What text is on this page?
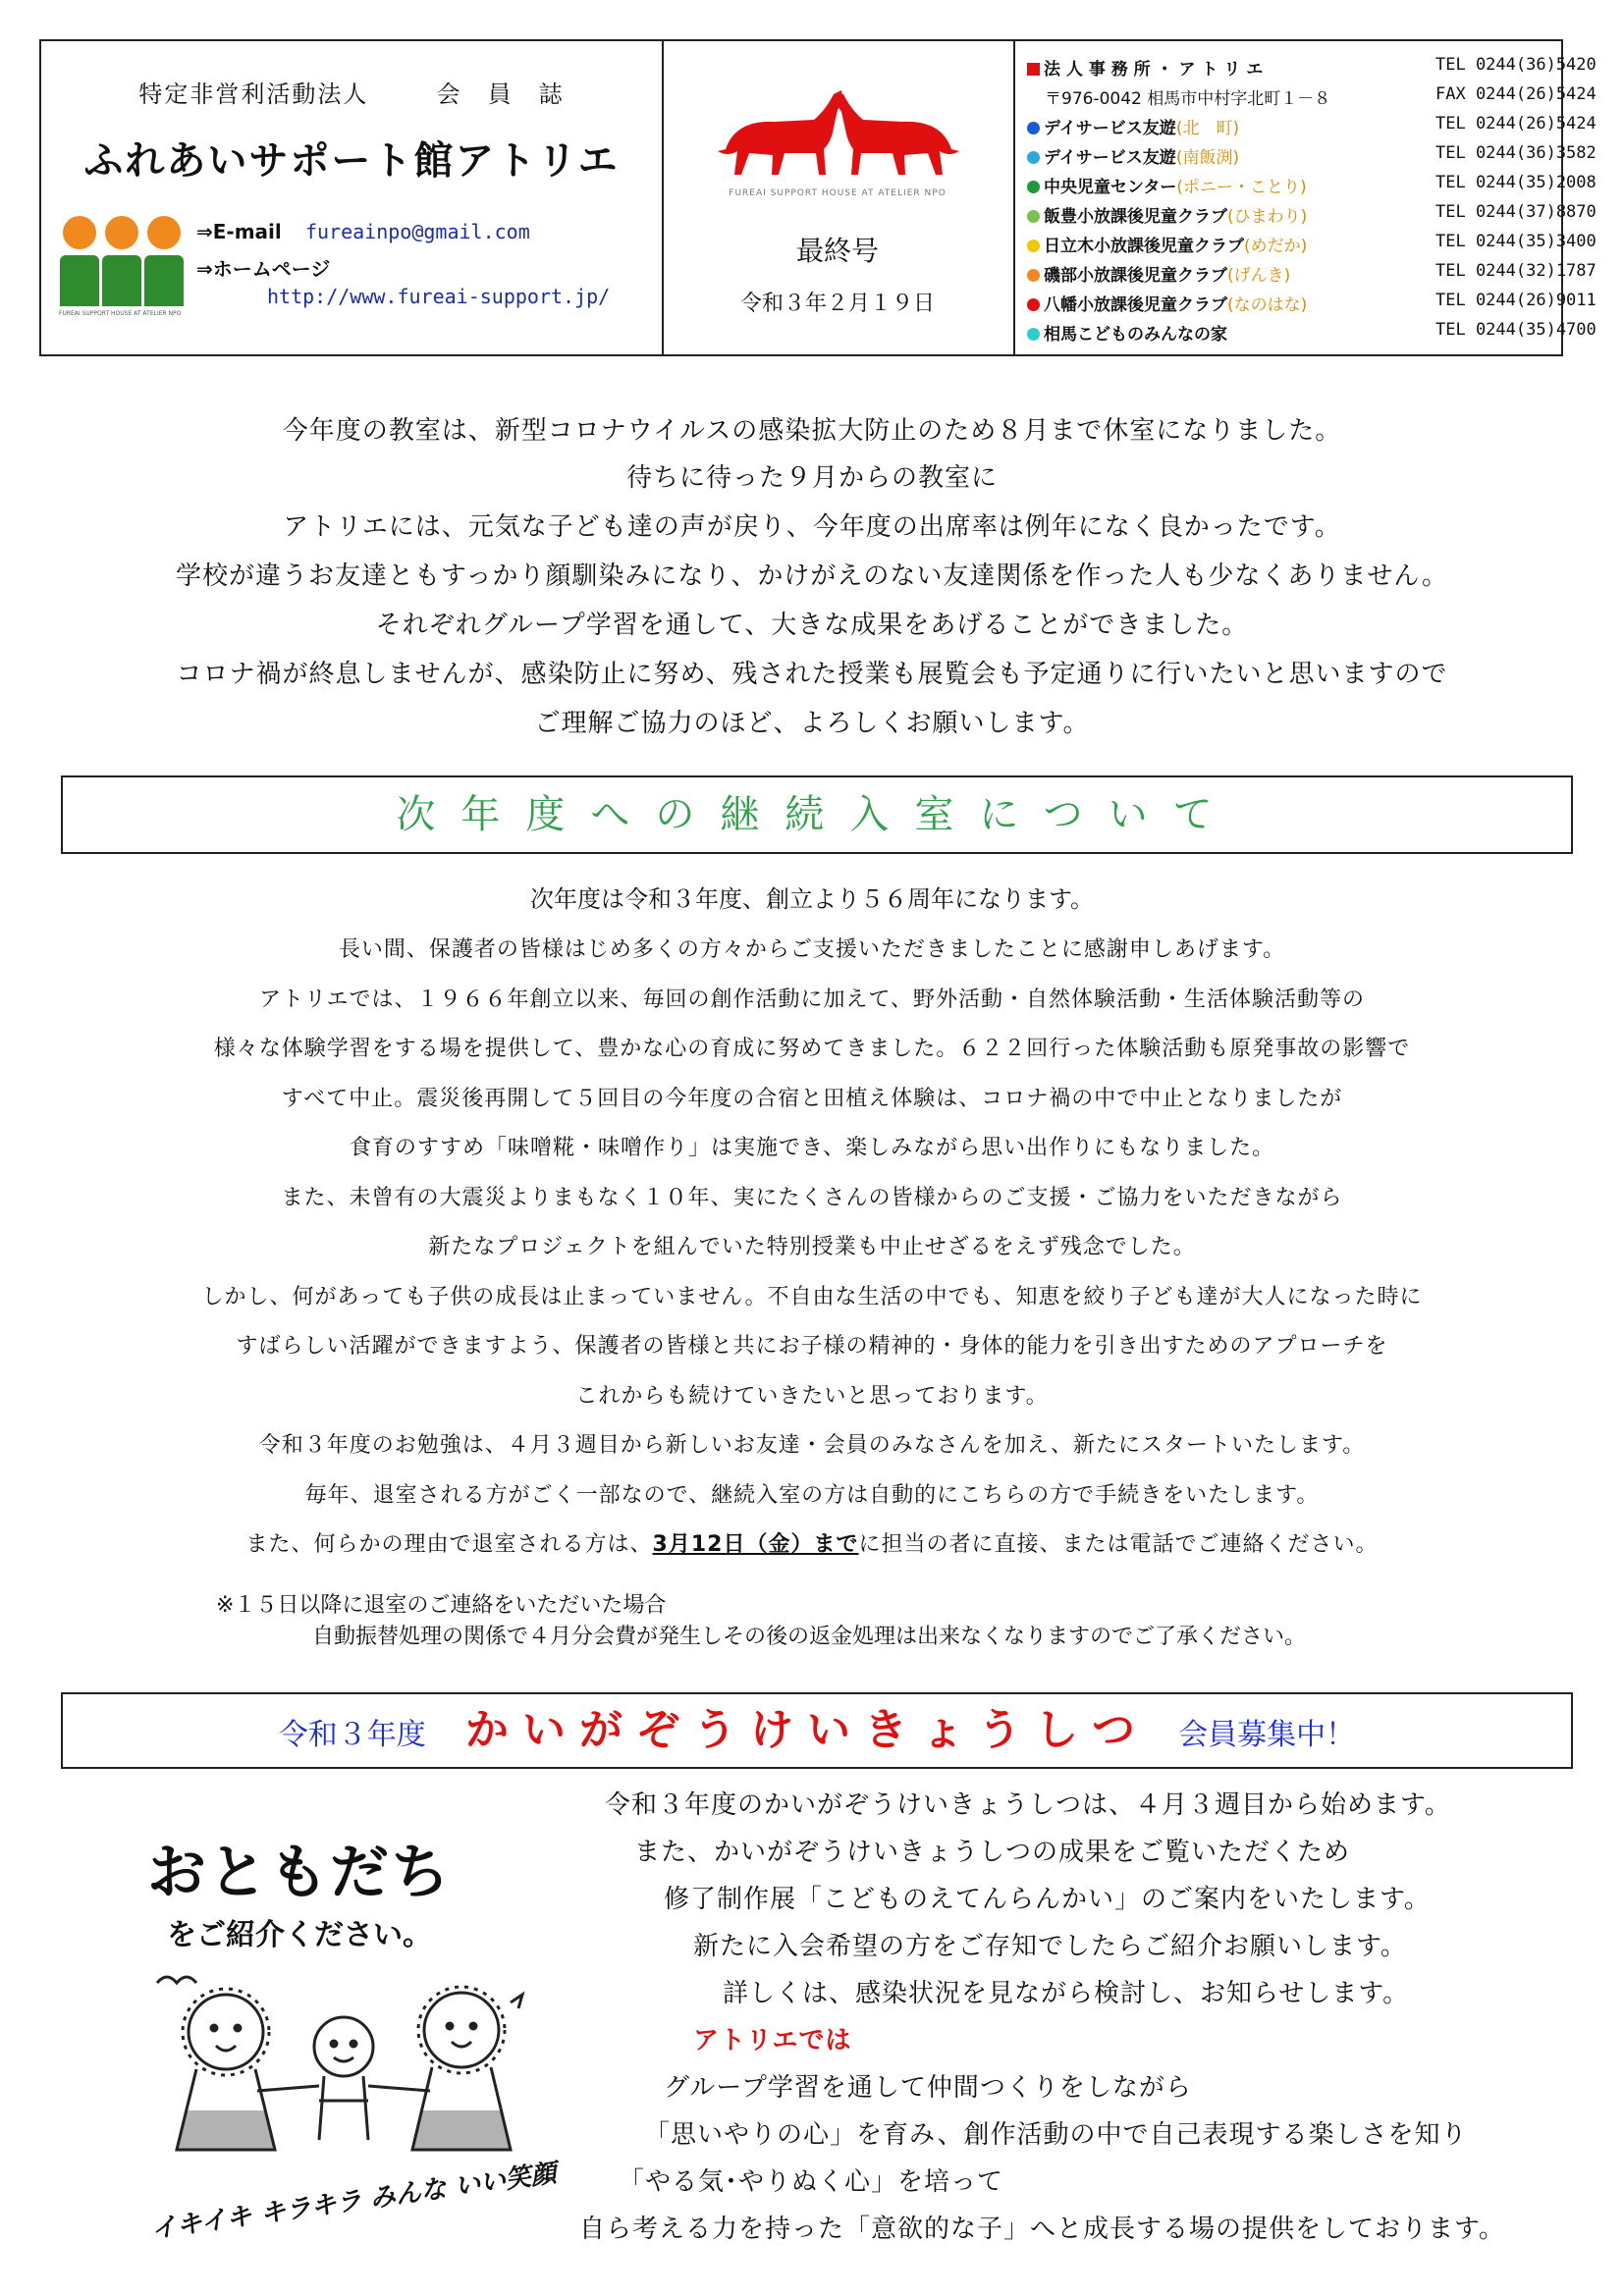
特定非営利活動法人	会　員　誌
ふれあいサポート館アトリエ
FUREAI SUPPORT HOUSE AT ATELIER NPO
⇒E-mail fureainpo@gmail.com
⇒ホームページ
http://www.fureai-support.jp/
FUREAI SUPPORT HOUSE AT ATELIER NPO
最終号
令和３年２月１９日
法 人 事 務 所 ・ ア ト リ エ	TEL 0244(36)5420
〒976-0042 相馬市中村字北町１－８	FAX 0244(26)5424
デイサービス友遊(北　町)	TEL 0244(26)5424
デイサービス友遊(南飯渕)	TEL 0244(36)3582
中央児童センター(ポニー・ことり)	TEL 0244(35)2008
飯豊小放課後児童クラブ(ひまわり)	TEL 0244(37)8870
日立木小放課後児童クラブ(めだか)	TEL 0244(35)3400
磯部小放課後児童クラブ(げんき)	TEL 0244(32)1787
八幡小放課後児童クラブ(なのはな)	TEL 0244(26)9011
相馬こどものみんなの家	TEL 0244(35)4700
今年度の教室は、新型コロナウイルスの感染拡大防止のため８月まで休室になりました。
待ちに待った９月からの教室に
アトリエには、元気な子ども達の声が戻り、今年度の出席率は例年になく良かったです。
学校が違うお友達ともすっかり顔馴染みになり、かけがえのない友達関係を作った人も少なくありません。
それぞれグループ学習を通して、大きな成果をあげることができました。
コロナ禍が終息しませんが、感染防止に努め、残された授業も展覧会も予定通りに行いたいと思いますので
ご理解ご協力のほど、よろしくお願いします。
次年度への継続入室について
次年度は令和３年度、創立より５６周年になります。
長い間、保護者の皆様はじめ多くの方々からご支援いただきましたことに感謝申しあげます。
アトリエでは、１９６６年創立以来、毎回の創作活動に加えて、野外活動・自然体験活動・生活体験活動等の
様々な体験学習をする場を提供して、豊かな心の育成に努めてきました。６２２回行った体験活動も原発事故の影響で
すべて中止。震災後再開して５回目の今年度の合宿と田植え体験は、コロナ禍の中で中止となりましたが
食育のすすめ「味噌糀・味噌作り」は実施でき、楽しみながら思い出作りにもなりました。
また、未曾有の大震災よりまもなく１０年、実にたくさんの皆様からのご支援・ご協力をいただきながら
新たなプロジェクトを組んでいた特別授業も中止せざるをえず残念でした。
しかし、何があっても子供の成長は止まっていません。不自由な生活の中でも、知恵を絞り子ども達が大人になった時に
すばらしい活躍ができますよう、保護者の皆様と共にお子様の精神的・身体的能力を引き出すためのアプローチを
これからも続けていきたいと思っております。
令和３年度のお勉強は、４月３週目から新しいお友達・会員のみなさんを加え、新たにスタートいたします。
毎年、退室される方がごく一部なので、継続入室の方は自動的にこちらの方で手続きをいたします。
また、何らかの理由で退室される方は、3月12日（金）までに担当の者に直接、または電話でご連絡ください。
※１５日以降に退室のご連絡をいただいた場合
自動振替処理の関係で４月分会費が発生しその後の返金処理は出来なくなりますのでご了承ください。
令和３年度 かいがぞうけいきょうしつ 会員募集中！
おともだち
をご紹介ください。
イキイキ キラキラ みんな いい笑顔
令和３年度のかいがぞうけいきょうしつは、４月３週目から始めます。
また、かいがぞうけいきょうしつの成果をご覧いただくため
修了制作展「こどものえてんらんかい」のご案内をいたします。
新たに入会希望の方をご存知でしたらご紹介お願いします。
詳しくは、感染状況を見ながら検討し、お知らせします。
アトリエでは
グループ学習を通して仲間つくりをしながら
「思いやりの心」を育み、創作活動の中で自己表現する楽しさを知り
「やる気･やりぬく心」を培って
自ら考える力を持った「意欲的な子」へと成長する場の提供をしております。
